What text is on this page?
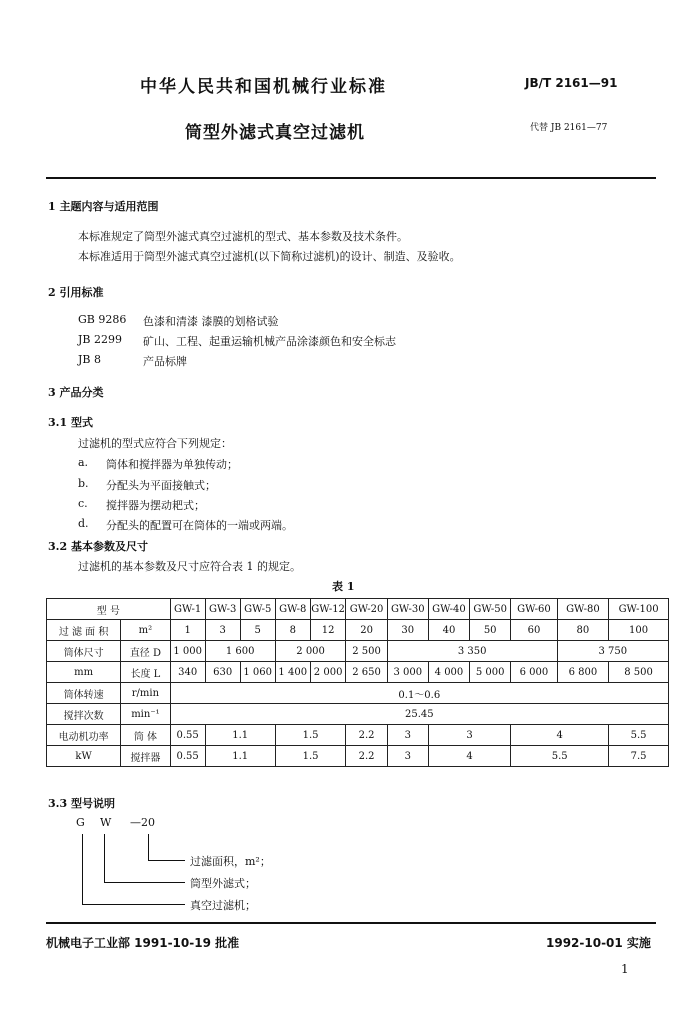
中华人民共和国机械行业标准	JB/T 2161—91
筒型外滤式真空过滤机	代替 JB 2161—77
1 主题内容与适用范围
本标准规定了筒型外滤式真空过滤机的型式、基本参数及技术条件。
本标准适用于筒型外滤式真空过滤机(以下简称过滤机)的设计、制造、及验收。
2 引用标准
GB 9286 色漆和清漆 漆膜的划格试验
JB 2299 矿山、工程、起重运输机械产品涂漆颜色和安全标志
JB 8	产品标牌
3 产品分类
3.1 型式
过滤机的型式应符合下列规定：
a. 筒体和搅拌器为单独传动；
b. 分配头为平面接触式；
c. 搅拌器为摆动耙式；
d. 分配头的配置可在筒体的一端或两端。
3.2 基本参数及尺寸
过滤机的基本参数及尺寸应符合表 1 的规定。
表 1
型 号		GW-1	GW-3	GW-5	GW-8	GW-12	GW-20	GW-30	GW-40	GW-50	GW-60	GW-80	GW-100
过 滤 面 积	m²	1	3	5	8	12	20	30	40	50	60	80	100
筒体尺寸	直径 D	1 000	1 600		2 000		2 500	3 350				3 750	
mm	长度 L	340	630	1 060	1 400	2 000	2 650	3 000	4 000	5 000	6 000	6 800	8 500
筒体转速	r/min	0.1～0.6											
搅拌次数	min⁻¹	25.45											
电动机功率	筒 体	0.55	1.1		1.5		2.2	3	3		4		5.5
kW	搅拌器	0.55	1.1		1.5		2.2	3	4		5.5		7.5
3.3 型号说明
G W —20
过滤面积，m²；
筒型外滤式；
真空过滤机；
机械电子工业部 1991-10-19 批准	1992-10-01 实施
1
